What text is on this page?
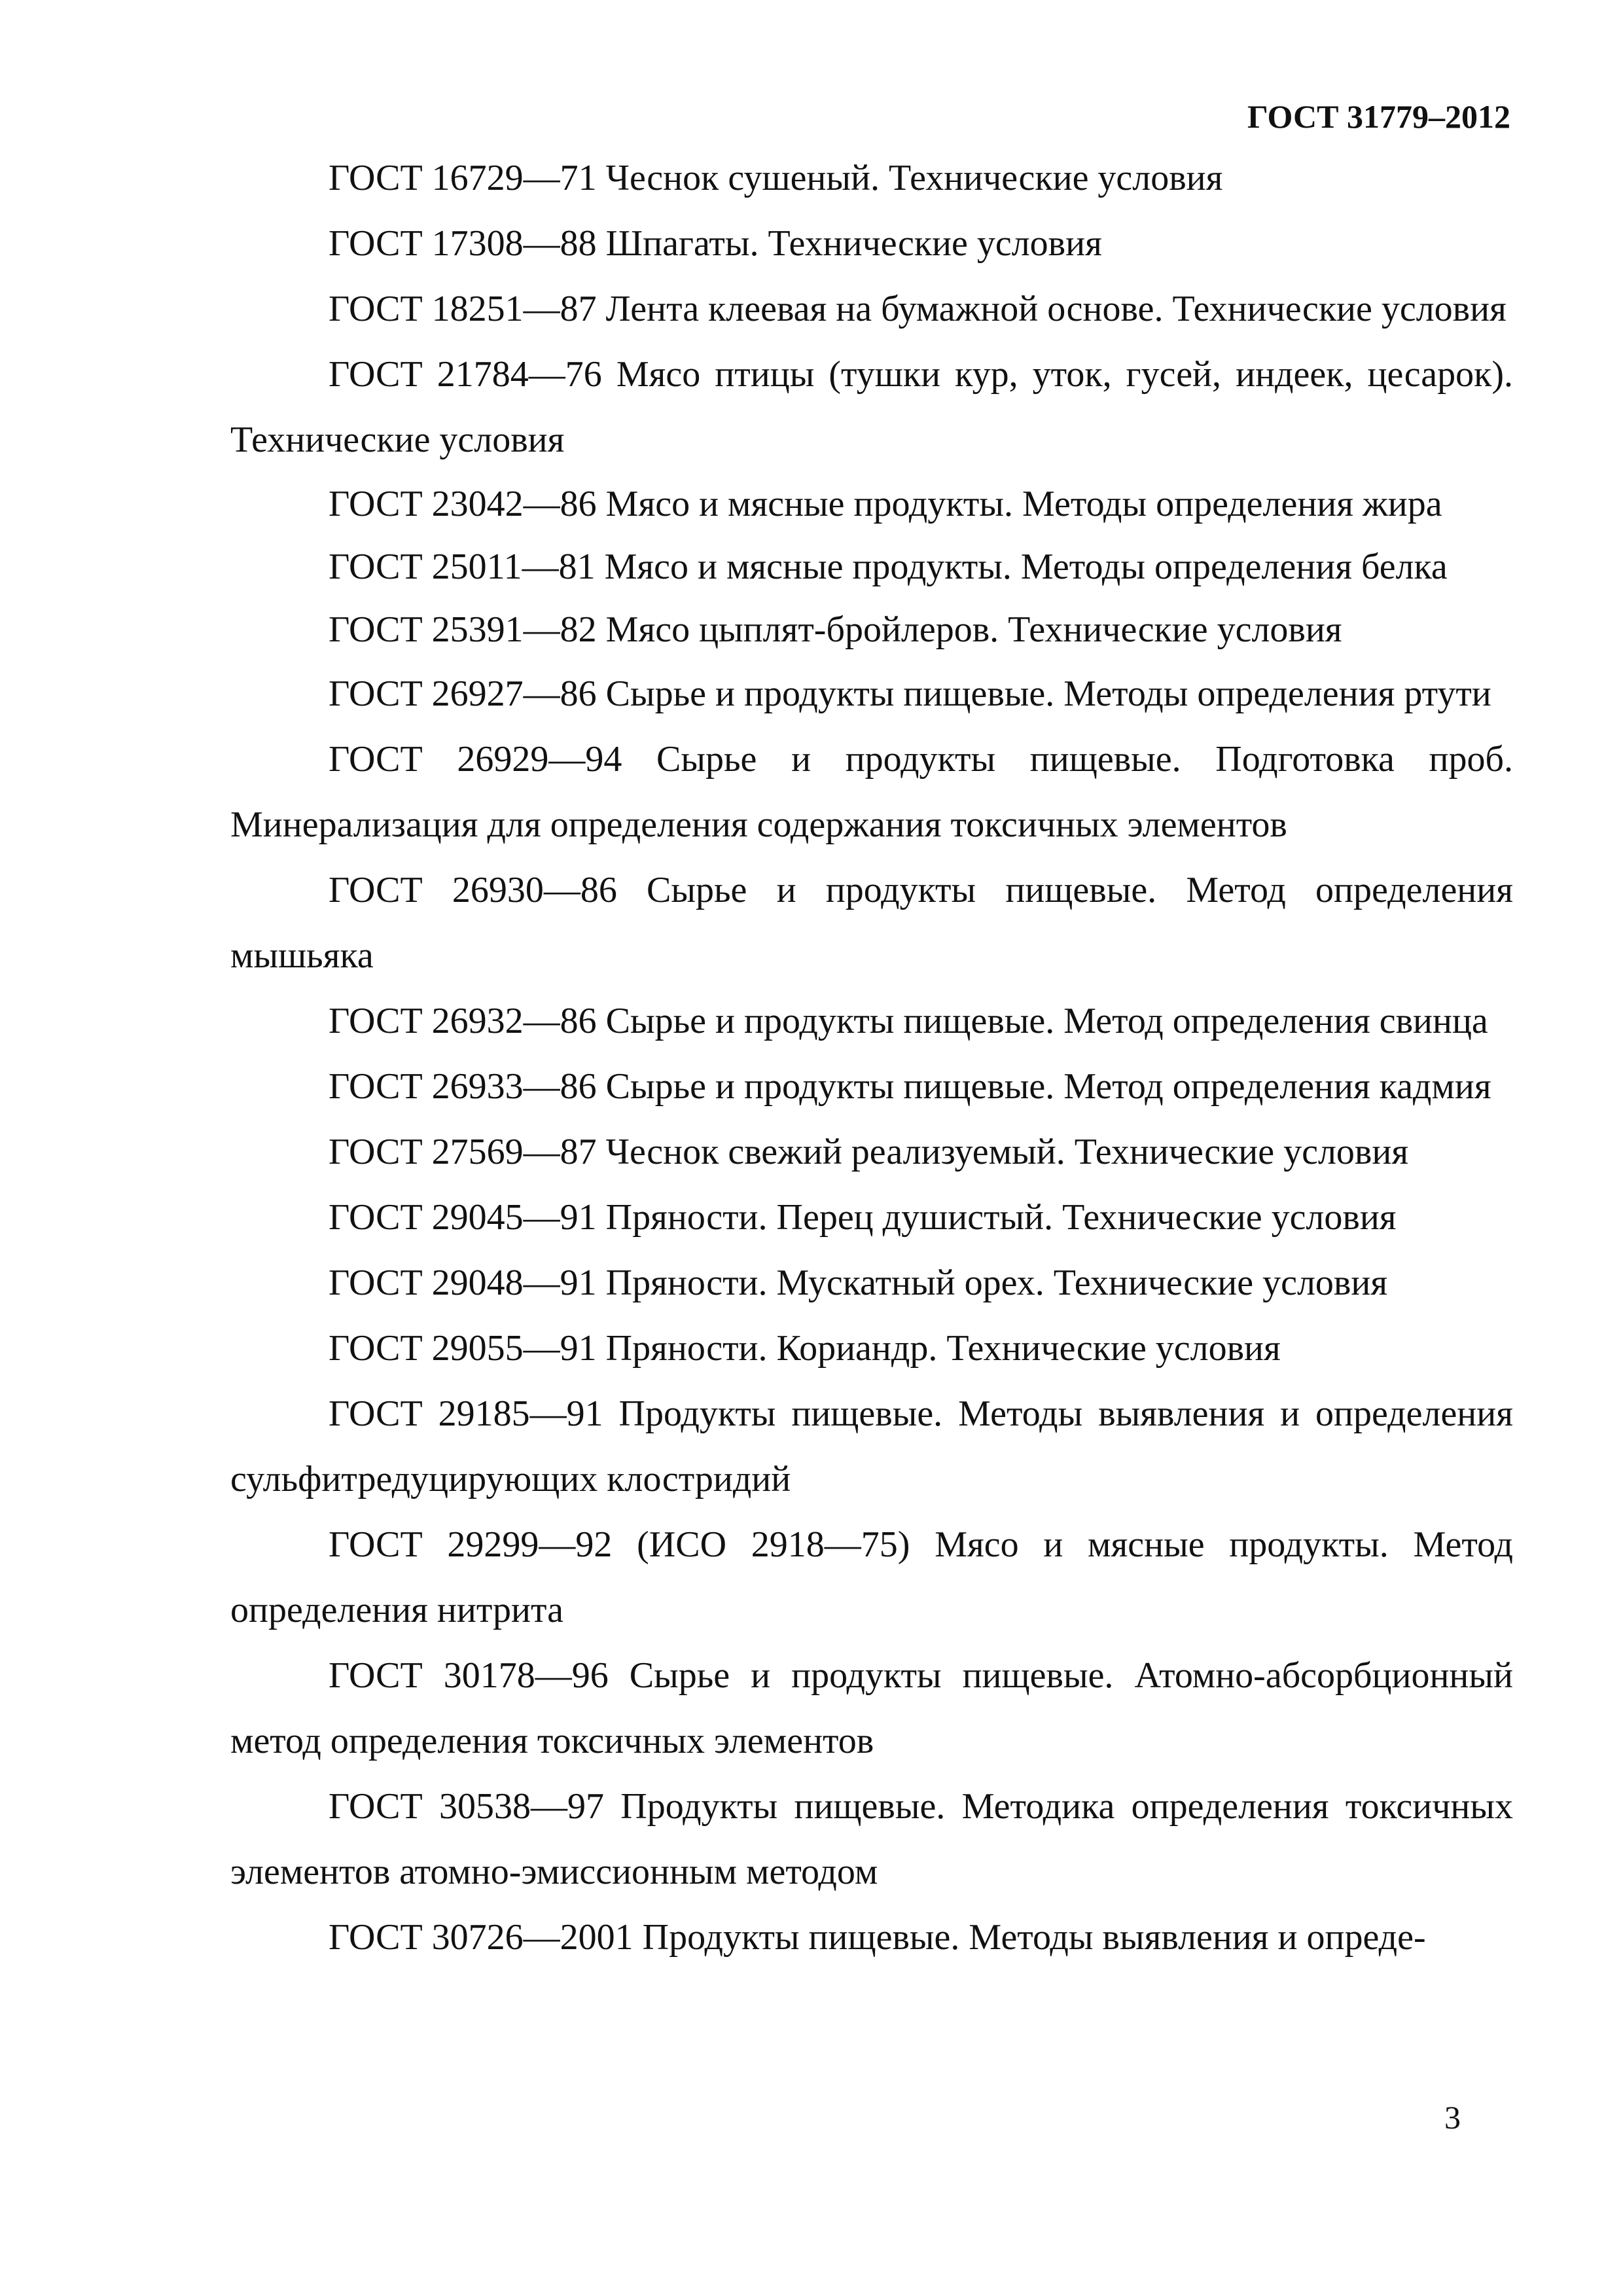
ГОСТ 31779–2012

ГОСТ 16729—71 Чеснок сушеный. Технические условия

ГОСТ 17308—88 Шпагаты. Технические условия

ГОСТ 18251—87 Лента клеевая на бумажной основе. Технические условия

ГОСТ 21784—76 Мясо птицы (тушки кур, уток, гусей, индеек, цесарок). Технические условия

ГОСТ 23042—86 Мясо и мясные продукты. Методы определения жира

ГОСТ 25011—81 Мясо и мясные продукты. Методы определения белка

ГОСТ 25391—82 Мясо цыплят-бройлеров. Технические условия

ГОСТ 26927—86 Сырье и продукты пищевые. Методы определения ртути

ГОСТ 26929—94 Сырье и продукты пищевые. Подготовка проб. Минерализация для определения содержания токсичных элементов

ГОСТ 26930—86 Сырье и продукты пищевые. Метод определения мышьяка

ГОСТ 26932—86 Сырье и продукты пищевые. Метод определения свинца

ГОСТ 26933—86 Сырье и продукты пищевые. Метод определения кадмия

ГОСТ 27569—87 Чеснок свежий реализуемый. Технические условия

ГОСТ 29045—91 Пряности. Перец душистый. Технические условия

ГОСТ 29048—91 Пряности. Мускатный орех. Технические условия

ГОСТ 29055—91 Пряности. Кориандр. Технические условия

ГОСТ 29185—91 Продукты пищевые. Методы выявления и определения сульфитредуцирующих клостридий

ГОСТ 29299—92 (ИСО 2918—75) Мясо и мясные продукты. Метод определения нитрита

ГОСТ 30178—96 Сырье и продукты пищевые. Атомно-абсорбционный метод определения токсичных элементов

ГОСТ 30538—97 Продукты пищевые. Методика определения токсичных элементов атомно-эмиссионным методом

ГОСТ 30726—2001 Продукты пищевые. Методы выявления и опреде-

3
